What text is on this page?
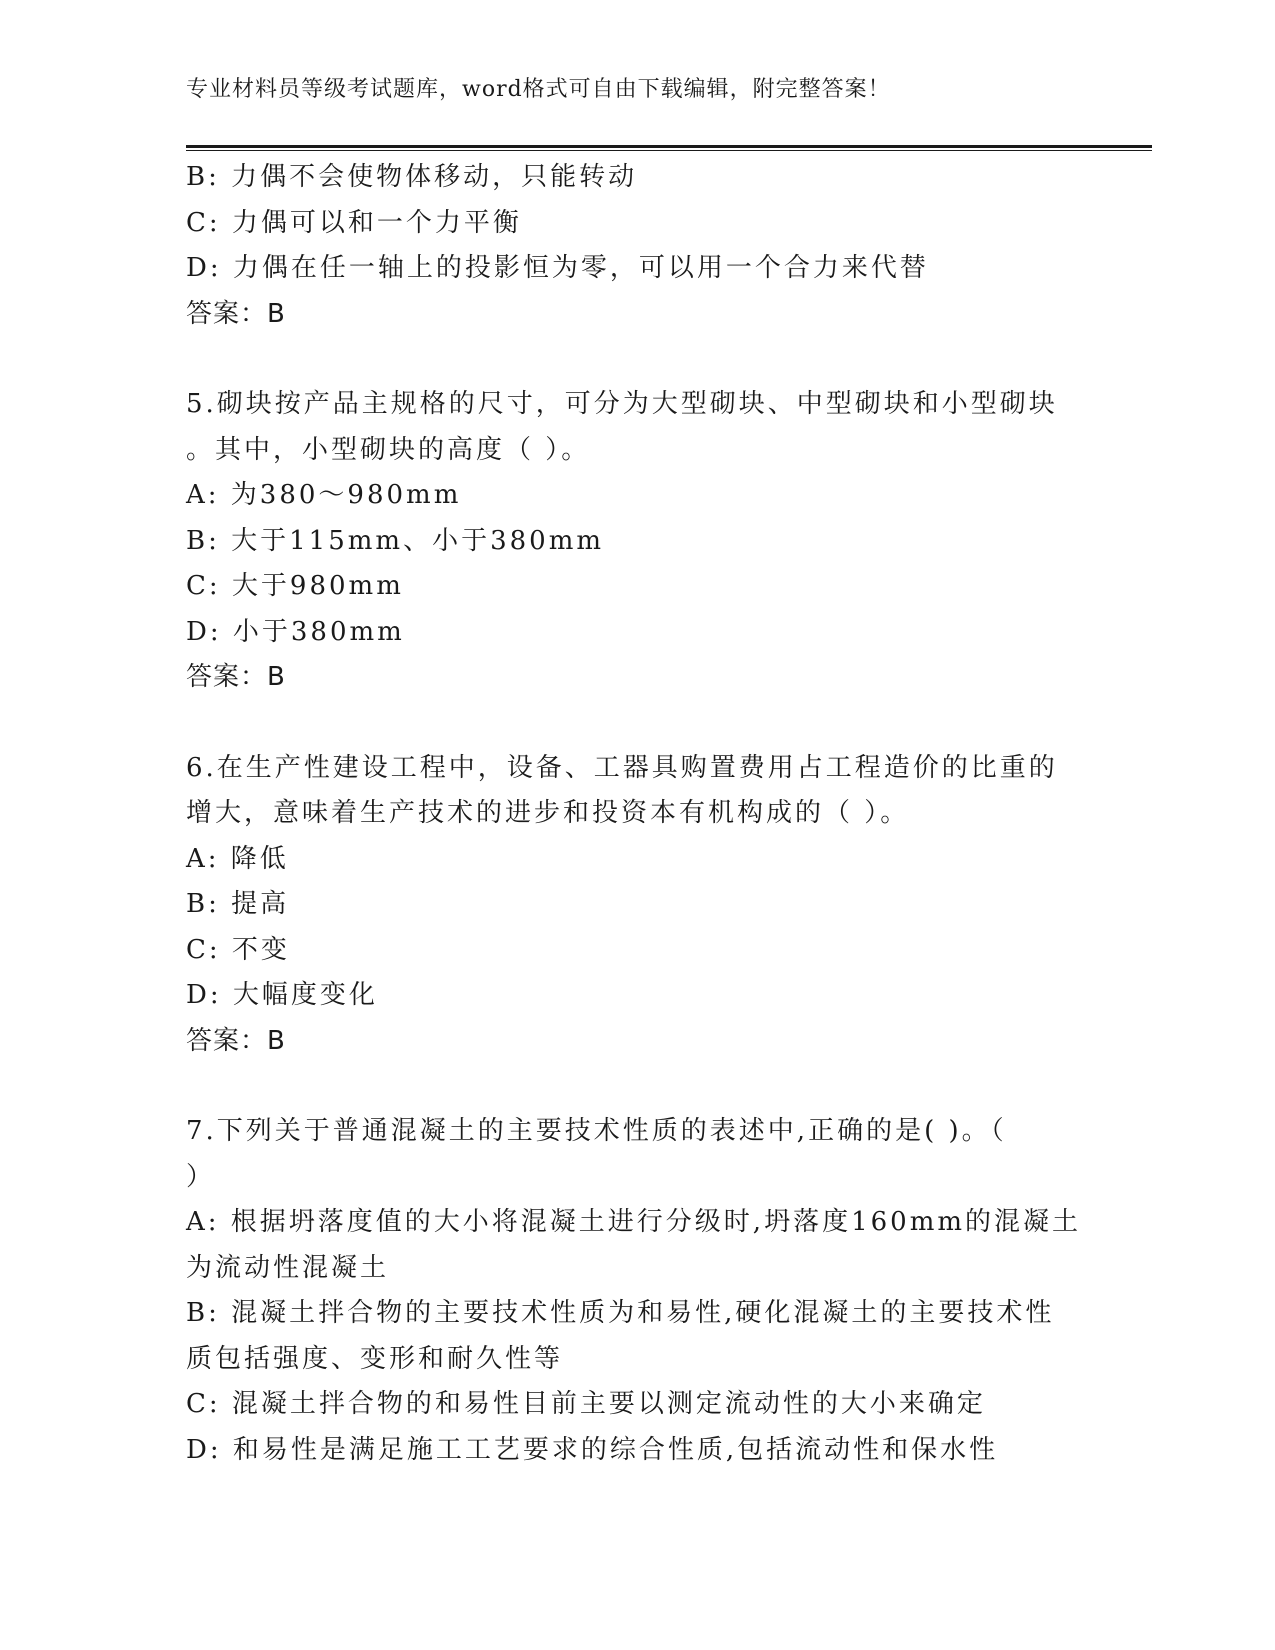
专业材料员等级考试题库，word格式可自由下载编辑，附完整答案！
B: 力偶不会使物体移动，只能转动
C: 力偶可以和一个力平衡
D: 力偶在任一轴上的投影恒为零，可以用一个合力来代替
答案：B
5.砌块按产品主规格的尺寸，可分为大型砌块、中型砌块和小型砌块
。其中，小型砌块的高度（ ）。
A: 为380～980mm
B: 大于115mm、小于380mm
C: 大于980mm
D: 小于380mm
答案：B
6.在生产性建设工程中，设备、工器具购置费用占工程造价的比重的
增大，意味着生产技术的进步和投资本有机构成的（ ）。
A: 降低
B: 提高
C: 不变
D: 大幅度变化
答案：B
7.下列关于普通混凝土的主要技术性质的表述中,正确的是( )。（
）
A: 根据坍落度值的大小将混凝土进行分级时,坍落度160mm的混凝土
为流动性混凝土
B: 混凝土拌合物的主要技术性质为和易性,硬化混凝土的主要技术性
质包括强度、变形和耐久性等
C: 混凝土拌合物的和易性目前主要以测定流动性的大小来确定
D: 和易性是满足施工工艺要求的综合性质,包括流动性和保水性
